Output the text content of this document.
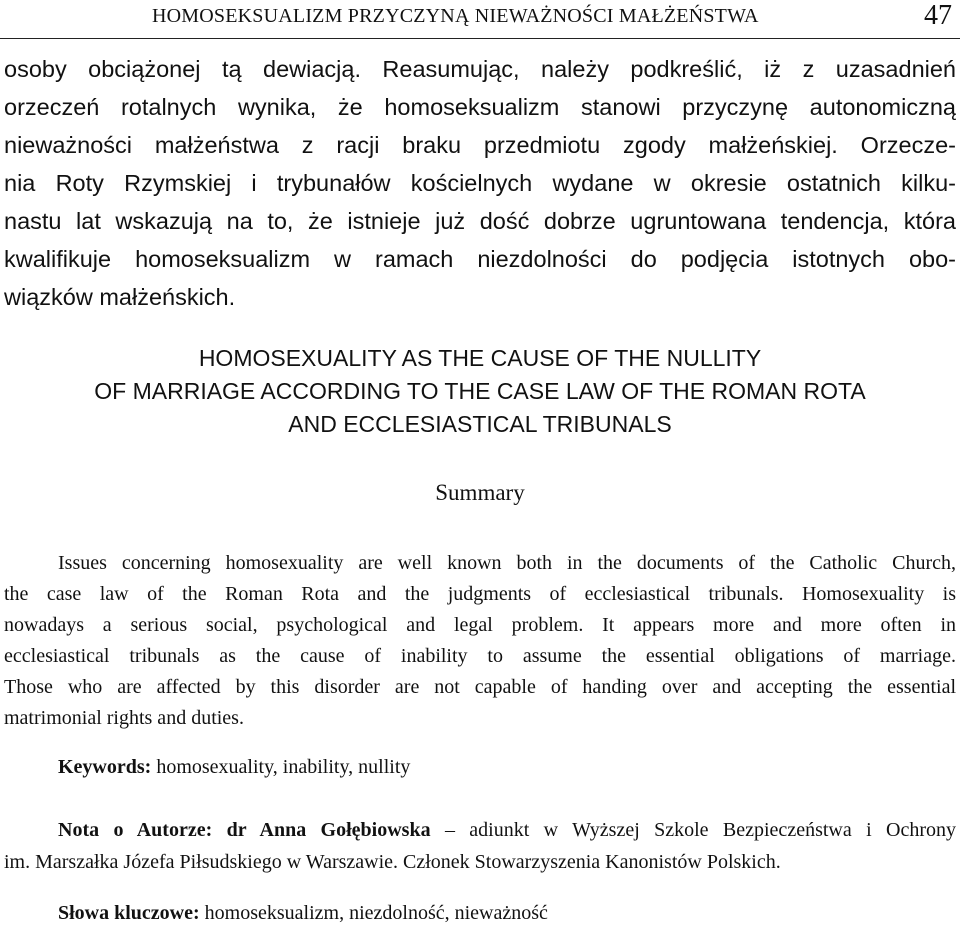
HOMOSEKSUALIZM PRZYCZYNĄ NIEWAŻNOŚCI MAŁŻEŃSTWA	47
osoby obciążonej tą dewiacją. Reasumując, należy podkreślić, iż z uzasadnień
orzeczeń rotalnych wynika, że homoseksualizm stanowi przyczynę autonomiczną
nieważności małżeństwa z racji braku przedmiotu zgody małżeńskiej. Orzecze-
nia Roty Rzymskiej i trybunałów kościelnych wydane w okresie ostatnich kilku-
nastu lat wskazują na to, że istnieje już dość dobrze ugruntowana tendencja, która
kwalifikuje homoseksualizm w ramach niezdolności do podjęcia istotnych obo-
wiązków małżeńskich.
HOMOSEXUALITY AS THE CAUSE OF THE NULLITY
OF MARRIAGE ACCORDING TO THE CASE LAW OF THE ROMAN ROTA
AND ECCLESIASTICAL TRIBUNALS
Summary
Issues concerning homosexuality are well known both in the documents of the Catholic Church,
the case law of the Roman Rota and the judgments of ecclesiastical tribunals. Homosexuality is
nowadays a serious social, psychological and legal problem. It appears more and more often in
ecclesiastical tribunals as the cause of inability to assume the essential obligations of marriage.
Those who are affected by this disorder are not capable of handing over and accepting the essential
matrimonial rights and duties.
Keywords: homosexuality, inability, nullity
Nota o Autorze: dr Anna Gołębiowska – adiunkt w Wyższej Szkole Bezpieczeństwa i Ochrony
im. Marszałka Józefa Piłsudskiego w Warszawie. Członek Stowarzyszenia Kanonistów Polskich.
Słowa kluczowe: homoseksualizm, niezdolność, nieważność
